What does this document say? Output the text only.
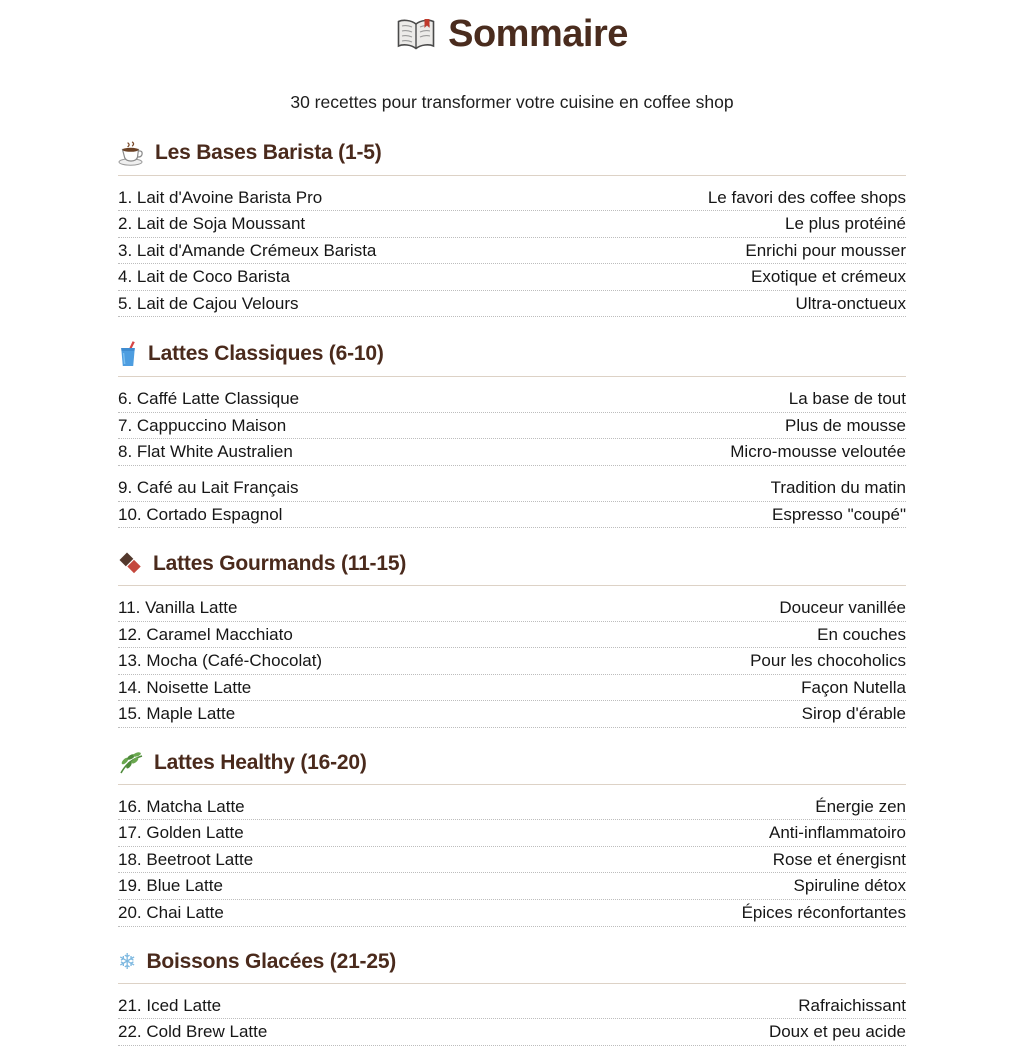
Sommaire

30 recettes pour transformer votre cuisine en coffee shop

Les Bases Barista (1-5)
1. Lait d'Avoine Barista Pro	Le favori des coffee shops
2. Lait de Soja Moussant	Le plus protéiné
3. Lait d'Amande Crémeux Barista	Enrichi pour mousser
4. Lait de Coco Barista	Exotique et crémeux
5. Lait de Cajou Velours	Ultra-onctueux
Lattes Classiques (6-10)
6. Caffé Latte Classique	La base de tout
7. Cappuccino Maison	Plus de mousse
8. Flat White Australien	Micro-mousse veloutée
9. Café au Lait Français	Tradition du matin
10. Cortado Espagnol	Espresso "coupé"
Lattes Gourmands (11-15)
11. Vanilla Latte	Douceur vanillée
12. Caramel Macchiato	En couches
13. Mocha (Café-Chocolat)	Pour les chocoholics
14. Noisette Latte	Façon Nutella
15. Maple Latte	Sirop d'érable
Lattes Healthy (16-20)
16. Matcha Latte	Énergie zen
17. Golden Latte	Anti-inflammatoiro
18. Beetroot Latte	Rose et énergisnt
19. Blue Latte	Spiruline détox
20. Chai Latte	Épices réconfortantes
❄ Boissons Glacées (21-25)
21. Iced Latte	Rafraichissant
22. Cold Brew Latte	Doux et peu acide
